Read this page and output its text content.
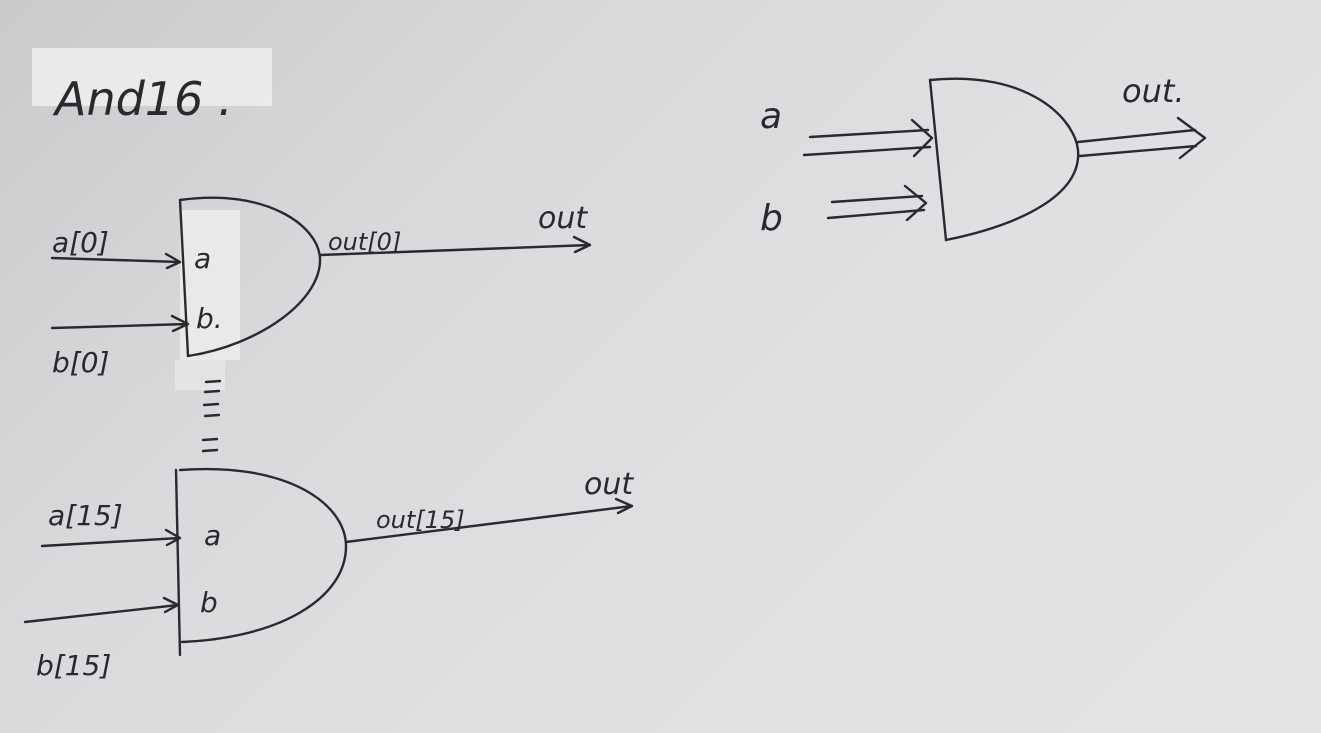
And16 .
a[0]
b[0]
a
b.
out[0]
out
a[15]
b[15]
a
b
out[15]
out
a
b
out.
